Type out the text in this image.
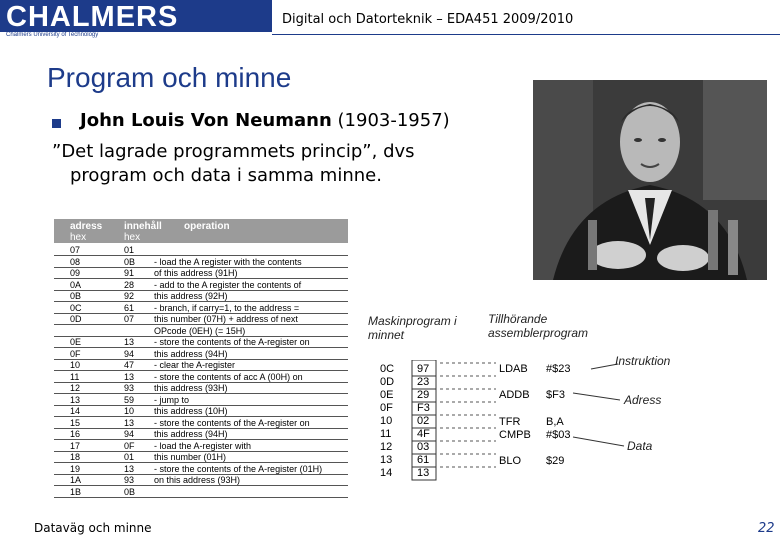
CHALMERS
Chalmers University of Technology
Digital och Datorteknik – EDA451 2009/2010
Program och minne
John Louis Von Neumann (1903-1957)
”Det lagrade programmets princip”, dvs
program och data i samma minne.
adress innehåll operation
hex	hex
07	01
08	0B - load the A register with the contents
09	91 of this address (91H)
0A	28 - add to the A register the contents of
0B	92 this address (92H)
0C	61 - branch, if carry=1, to the address =
0D	07 this number (07H) + address of next
OPcode (0EH) (= 15H)
0E	13 - store the contents of the A-register on
0F	94 this address (94H)
10	47 - clear the A-register
11	13 - store the contents of acc A (00H) on
12	93 this address (93H)
13	59 - jump to
14	10 this address (10H)
15	13 - store the contents of the A-register on
16	94 this address (94H)
17	0F - load the A-register with
18	01 this number (01H)
19	13 - store the contents of the A-register (01H)
1A	93 on this address (93H)
1B	0B
Maskinprogram i minnet
Tillhörande assemblerprogram
0C	97
0D	23
0E	29
0F	F3
10	02
11	4F
12	03
13	61
14	13
LDAB	#$23
ADDB	$F3
TFR	B,A
CMPB	#$03
BLO	$29
Instruktion
Adress
Data
Dataväg och minne	22
